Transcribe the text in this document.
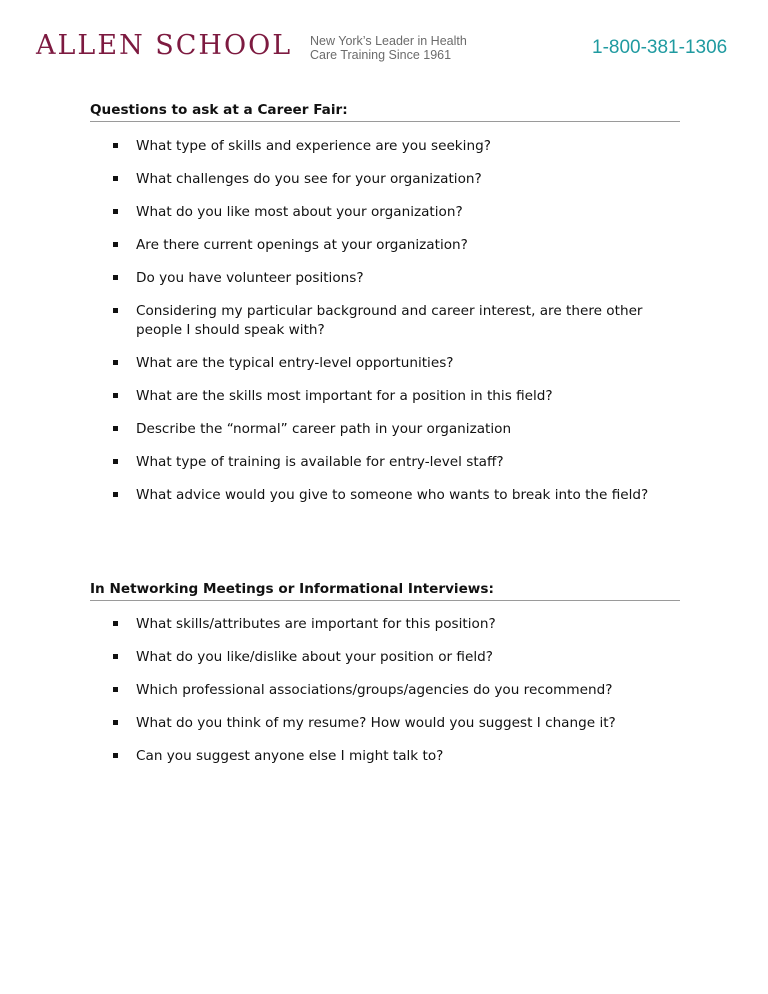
ALLEN SCHOOL New York’s Leader in Health
Care Training Since 1961	1-800-381-1306
Questions to ask at a Career Fair:
What type of skills and experience are you seeking?
What challenges do you see for your organization?
What do you like most about your organization?
Are there current openings at your organization?
Do you have volunteer positions?
Considering my particular background and career interest, are there other people I should speak with?
What are the typical entry-level opportunities?
What are the skills most important for a position in this field?
Describe the “normal” career path in your organization
What type of training is available for entry-level staff?
What advice would you give to someone who wants to break into the field?
In Networking Meetings or Informational Interviews:
What skills/attributes are important for this position?
What do you like/dislike about your position or field?
Which professional associations/groups/agencies do you recommend?
What do you think of my resume? How would you suggest I change it?
Can you suggest anyone else I might talk to?
